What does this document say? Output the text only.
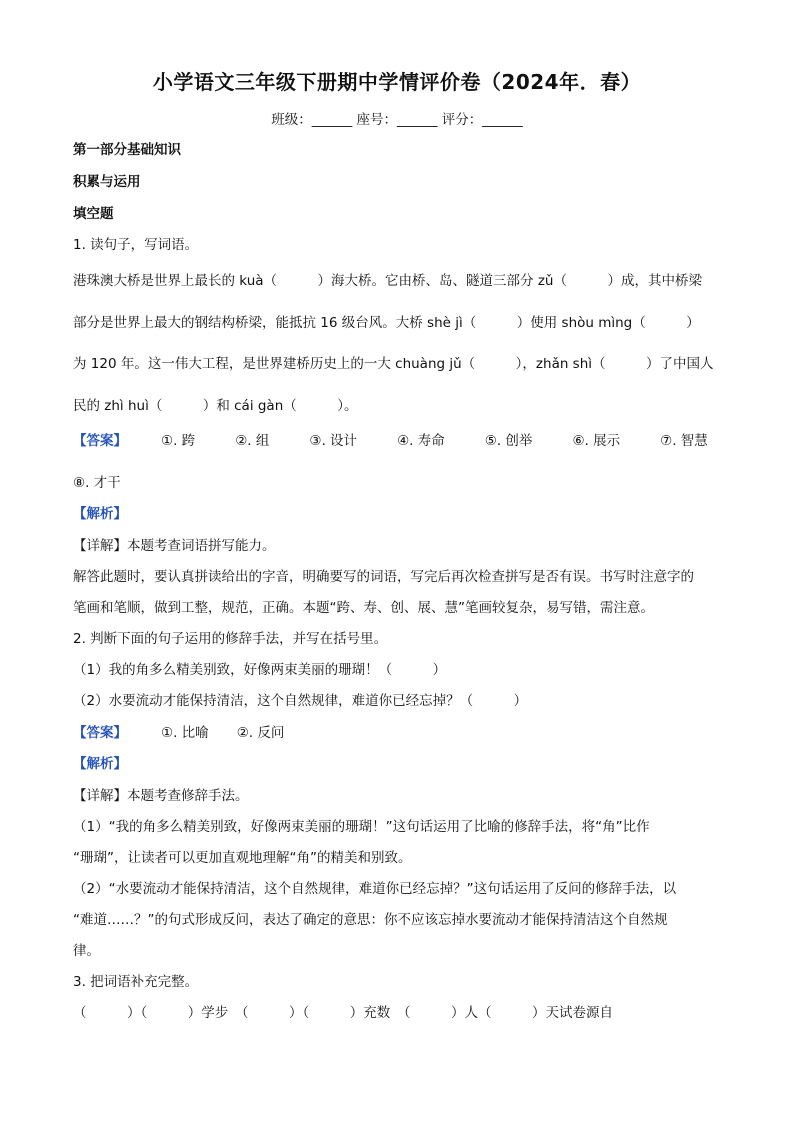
小学语文三年级下册期中学情评价卷（2024年．春）
班级：______ 座号：______ 评分：______
第一部分基础知识
积累与运用
填空题
1. 读句子，写词语。
港珠澳大桥是世界上最长的 kuà（　　　）海大桥。它由桥、岛、隧道三部分 zǔ（　　　）成，其中桥梁
部分是世界上最大的钢结构桥梁，能抵抗 16 级台风。大桥 shè jì（　　　）使用 shòu mìng（　　　）
为 120 年。这一伟大工程，是世界建桥历史上的一大 chuàng jǔ（　　　），zhǎn shì（　　　）了中国人
民的 zhì huì（　　　）和 cái gàn（　　　）。
【答案】	①. 跨	②. 组	③. 设计	④. 寿命	⑤. 创举	⑥. 展示	⑦. 智慧
⑧. 才干
【解析】
【详解】本题考查词语拼写能力。
解答此题时，要认真拼读给出的字音，明确要写的词语，写完后再次检查拼写是否有误。书写时注意字的
笔画和笔顺，做到工整，规范，正确。本题“跨、寿、创、展、慧”笔画较复杂，易写错，需注意。
2. 判断下面的句子运用的修辞手法，并写在括号里。
（1）我的角多么精美别致，好像两束美丽的珊瑚！（　　　）
（2）水要流动才能保持清洁，这个自然规律，难道你已经忘掉？（　　　）
【答案】	①. 比喻 ②. 反问
【解析】
【详解】本题考查修辞手法。
（1）“我的角多么精美别致，好像两束美丽的珊瑚！”这句话运用了比喻的修辞手法，将“角”比作
“珊瑚”，让读者可以更加直观地理解“角”的精美和别致。
（2）“水要流动才能保持清洁，这个自然规律，难道你已经忘掉？”这句话运用了反问的修辞手法，以
“难道……？”的句式形成反问，表达了确定的意思：你不应该忘掉水要流动才能保持清洁这个自然规
律。
3. 把词语补充完整。
（　　　）（　　　）学步　（　　　）（　　　）充数　（　　　）人（　　　）天试卷源自
